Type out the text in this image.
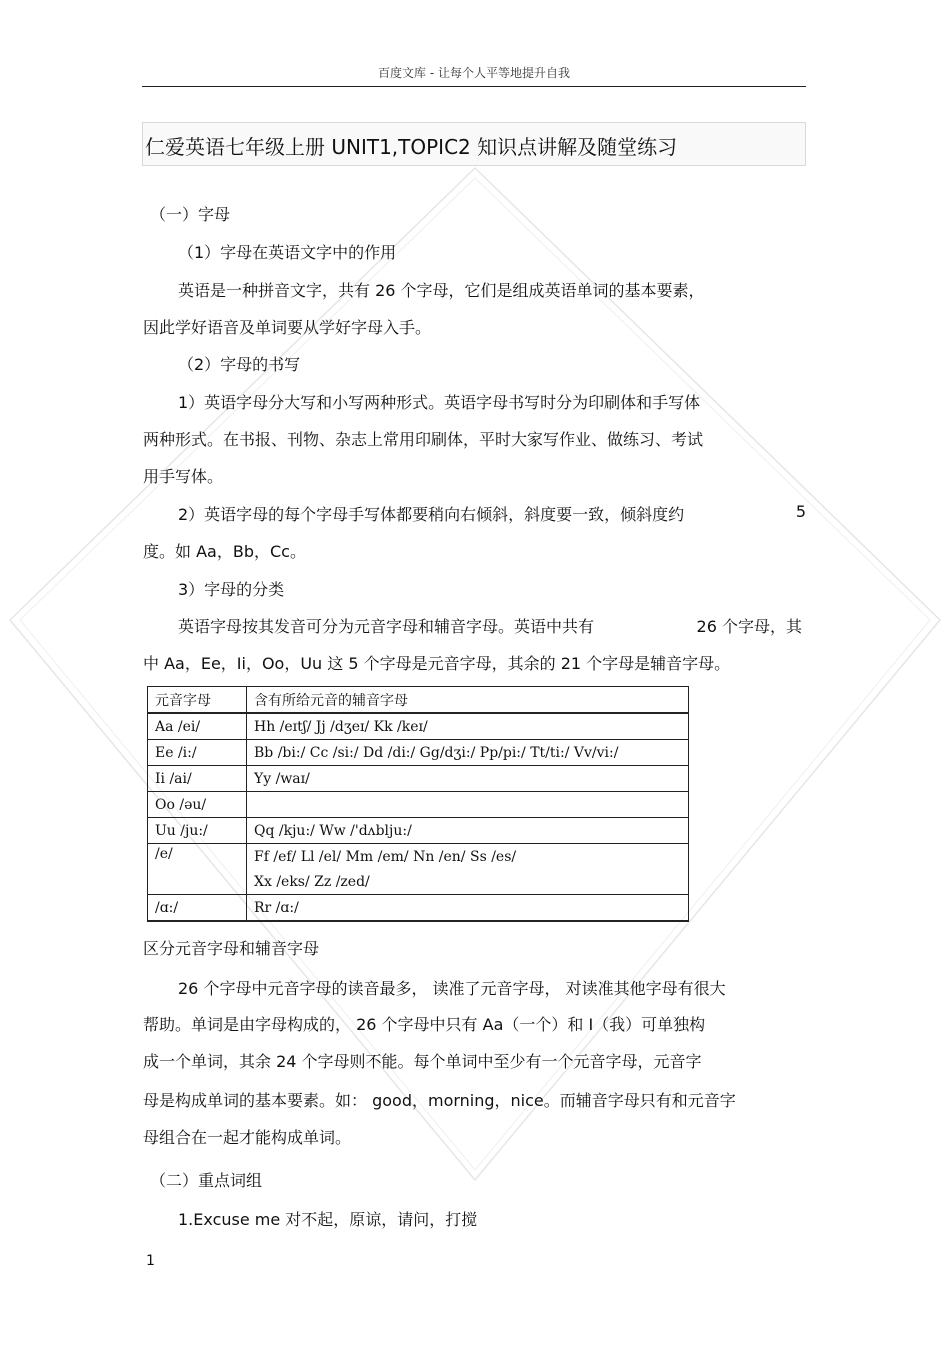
百度文库 - 让每个人平等地提升自我
仁爱英语七年级上册 UNIT1,TOPIC2 知识点讲解及随堂练习
（一）字母
（1）字母在英语文字中的作用
英语是一种拼音文字，共有 26 个字母，它们是组成英语单词的基本要素，
因此学好语音及单词要从学好字母入手。
（2）字母的书写
1）英语字母分大写和小写两种形式。英语字母书写时分为印刷体和手写体
两种形式。在书报、刊物、杂志上常用印刷体，平时大家写作业、做练习、考试
用手写体。
2）英语字母的每个字母手写体都要稍向右倾斜，斜度要一致，倾斜度约	5
度。如 Aa，Bb，Cc。
3）字母的分类
英语字母按其发音可分为元音字母和辅音字母。英语中共有	26 个字母，其
中 Aa，Ee，Ii，Oo，Uu 这 5 个字母是元音字母，其余的 21 个字母是辅音字母。
元音字母	含有所给元音的辅音字母
Aa /ei/	Hh /eɪtʃ/ Jj /dʒeɪ/ Kk /keɪ/
Ee /i:/	Bb /bi:/ Cc /si:/ Dd /di:/ Gg/dʒi:/ Pp/pi:/ Tt/ti:/ Vv/vi:/
Ii /ai/	Yy /waɪ/
Oo /əu/	
Uu /ju:/	Qq /kju:/ Ww /'dʌblju:/
/e/	Ff /ef/ Ll /el/ Mm /em/ Nn /en/ Ss /es/
	Xx /eks/ Zz /zed/
/ɑ:/	Rr /ɑ:/
区分元音字母和辅音字母
26 个字母中元音字母的读音最多， 读准了元音字母， 对读准其他字母有很大
帮助。单词是由字母构成的， 26 个字母中只有 Aa（一个）和 I（我）可单独构
成一个单词，其余 24 个字母则不能。每个单词中至少有一个元音字母，元音字
母是构成单词的基本要素。如： good，morning，nice。而辅音字母只有和元音字
母组合在一起才能构成单词。
（二）重点词组
1.Excuse me 对不起，原谅，请问，打搅
1
